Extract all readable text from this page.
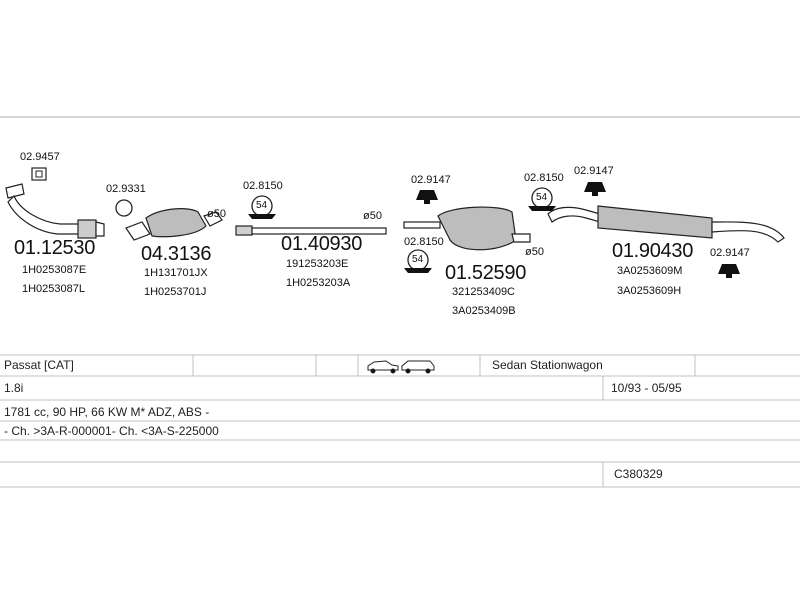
54
54
54
02.9457
02.9331	02.8150	02.9147	02.8150
02.8150
02.9147
02.9147
ø50	ø50
ø50
01.12530
1H0253087E
1H0253087L
04.3136
1H131701JX
1H0253701J
01.40930
191253203E
1H0253203A	01.52590
321253409C
3A0253409B
01.90430
3A0253609M
3A0253609H
Passat [CAT]	Sedan Stationwagon
1.8i	10/93 - 05/95
1781 cc, 90 HP, 66 KW M* ADZ, ABS -
- Ch. >3A-R-000001- Ch. <3A-S-225000
C380329
